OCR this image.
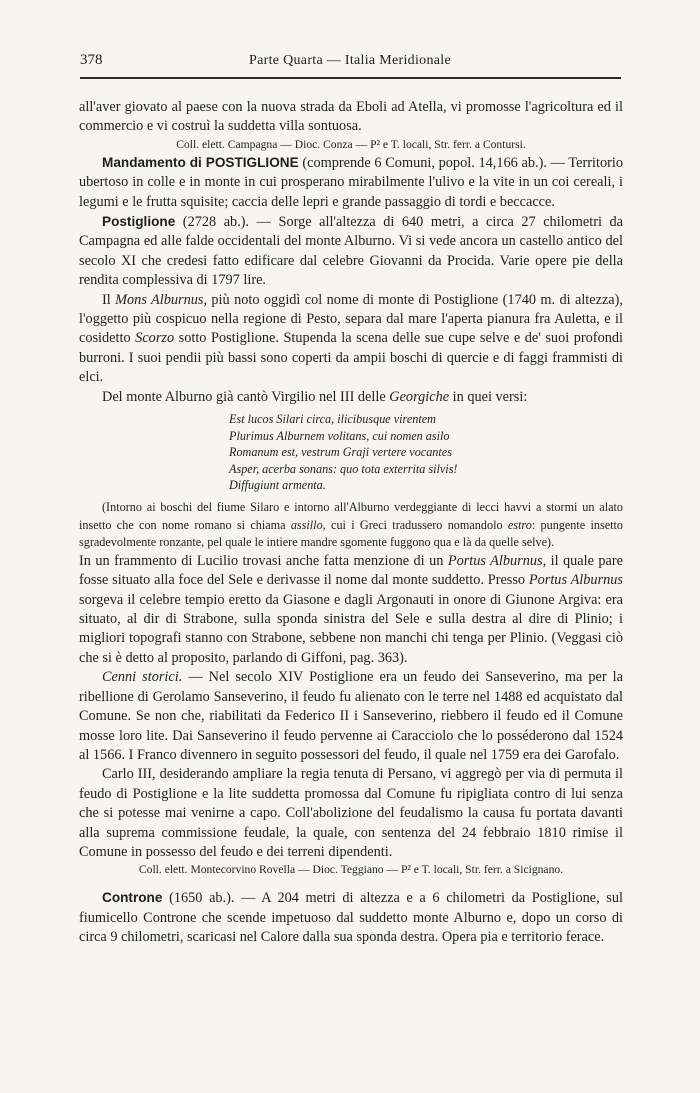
378	Parte Quarta — Italia Meridionale

all'aver giovato al paese con la nuova strada da Eboli ad Atella, vi promosse l'agricoltura ed il commercio e vi costruì la suddetta villa sontuosa.

Coll. elett. Campagna — Dioc. Conza — P² e T. locali, Str. ferr. a Contursi.

Mandamento di POSTIGLIONE (comprende 6 Comuni, popol. 14,166 ab.). — Territorio ubertoso in colle e in monte in cui prosperano mirabilmente l'ulivo e la vite in un coi cereali, i legumi e le frutta squisite; caccia delle lepri e grande passaggio di tordi e beccacce.

Postiglione (2728 ab.). — Sorge all'altezza di 640 metri, a circa 27 chilometri da Campagna ed alle falde occidentali del monte Alburno. Vi si vede ancora un castello antico del secolo XI che credesi fatto edificare dal celebre Giovanni da Procida. Varie opere pie della rendita complessiva di 1797 lire.

Il Mons Alburnus, più noto oggidì col nome di monte di Postiglione (1740 m. di altezza), l'oggetto più cospicuo nella regione di Pesto, separa dal mare l'aperta pianura fra Auletta, e il cosidetto Scorzo sotto Postiglione. Stupenda la scena delle sue cupe selve e de' suoi profondi burroni. I suoi pendii più bassi sono coperti da ampii boschi di quercie e di faggi frammisti di elci.

Del monte Alburno già cantò Virgilio nel III delle Georgiche in quei versi:

Est lucos Silari circa, ilicibusque virentem
Plurimus Alburnem volitans, cui nomen asilo
Romanum est, vestrum Graji vertere vocantes
Asper, acerba sonans: quo tota exterrita silvis!
Diffugiunt armenta.

(Intorno ai boschi del fiume Silaro e intorno all'Alburno verdeggiante di lecci havvi a stormi un alato insetto che con nome romano si chiama assillo, cui i Greci tradussero nomandolo estro: pungente insetto sgradevolmente ronzante, pel quale le intiere mandre sgomente fuggono qua e là da quelle selve).

In un frammento di Lucilio trovasi anche fatta menzione di un Portus Alburnus, il quale pare fosse situato alla foce del Sele e derivasse il nome dal monte suddetto. Presso Portus Alburnus sorgeva il celebre tempio eretto da Giasone e dagli Argonauti in onore di Giunone Argiva: era situato, al dir di Strabone, sulla sponda sinistra del Sele e sulla destra al dire di Plinio; i migliori topografi stanno con Strabone, sebbene non manchi chi tenga per Plinio. (Veggasi ciò che si è detto al proposito, parlando di Giffoni, pag. 363).

Cenni storici. — Nel secolo XIV Postiglione era un feudo dei Sanseverino, ma per la ribellione di Gerolamo Sanseverino, il feudo fu alienato con le terre nel 1488 ed acquistato dal Comune. Se non che, riabilitati da Federico II i Sanseverino, riebbero il feudo ed il Comune mosse loro lite. Dai Sanseverino il feudo pervenne ai Caracciolo che lo posséderono dal 1524 al 1566. I Franco divennero in seguito possessori del feudo, il quale nel 1759 era dei Garofalo.

Carlo III, desiderando ampliare la regia tenuta di Persano, vi aggregò per via di permuta il feudo di Postiglione e la lite suddetta promossa dal Comune fu ripigliata contro di lui senza che si potesse mai venirne a capo. Coll'abolizione del feudalismo la causa fu portata davanti alla suprema commissione feudale, la quale, con sentenza del 24 febbraio 1810 rimise il Comune in possesso del feudo e dei terreni dipendenti.

Coll. elett. Montecorvino Rovella — Dioc. Teggiano — P² e T. locali, Str. ferr. a Sicignano.

Controne (1650 ab.). — A 204 metri di altezza e a 6 chilometri da Postiglione, sul fiumicello Controne che scende impetuoso dal suddetto monte Alburno e, dopo un corso di circa 9 chilometri, scaricasi nel Calore dalla sua sponda destra. Opera pia e territorio ferace.
